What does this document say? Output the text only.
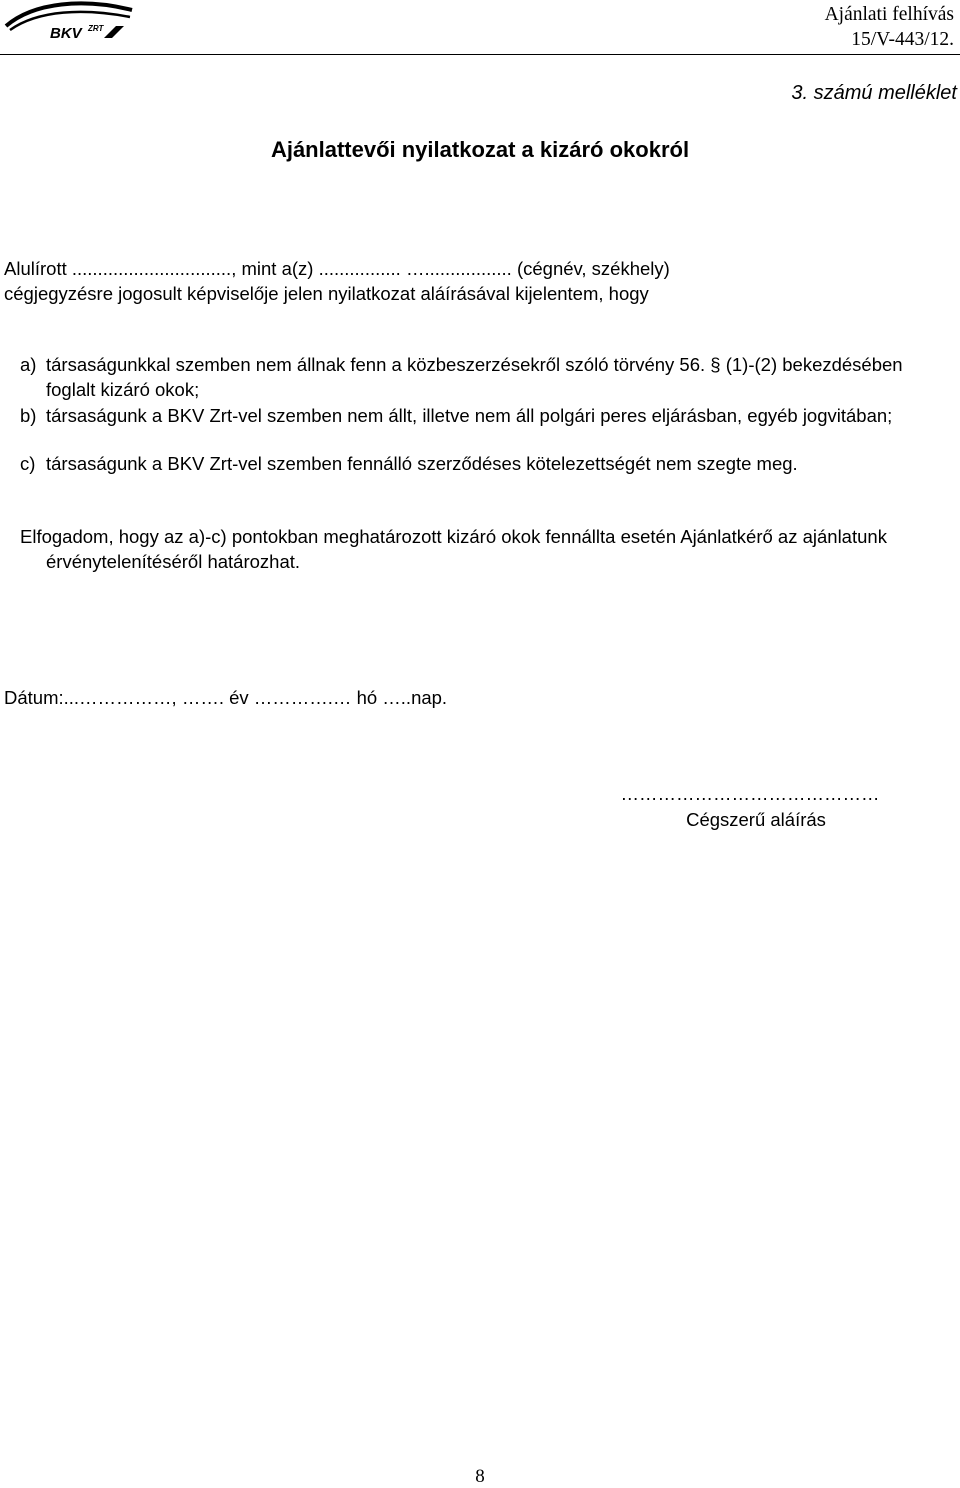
BKV ZRT
Ajánlati felhívás
15/V-443/12.
3. számú melléklet
Ajánlattevői nyilatkozat a kizáró okokról
Alulírott ..............................., mint a(z) ................ …................. (cégnév, székhely)
cégjegyzésre jogosult képviselője jelen nyilatkozat aláírásával kijelentem, hogy
a) társaságunkkal szemben nem állnak fenn a közbeszerzésekről szóló törvény 56. § (1)-(2) bekezdésében foglalt kizáró okok;
b) társaságunk a BKV Zrt-vel szemben nem állt, illetve nem áll polgári peres eljárásban, egyéb jogvitában;
c) társaságunk a BKV Zrt-vel szemben fennálló szerződéses kötelezettségét nem szegte meg.
Elfogadom, hogy az a)-c) pontokban meghatározott kizáró okok fennállta esetén Ajánlatkérő az ajánlatunk érvénytelenítéséről határozhat.
Dátum:...……………, ……. év ………….… hó …..nap.
……………………………………
Cégszerű aláírás
8
